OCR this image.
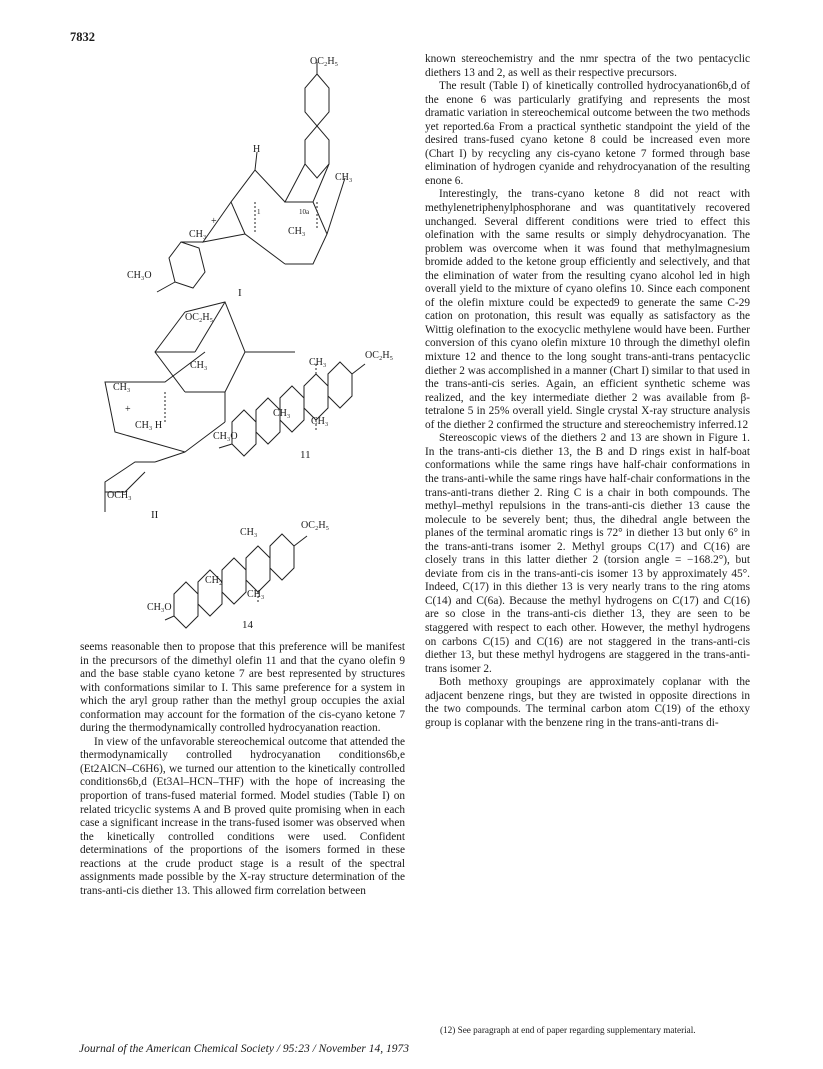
7832
OC₂H₅
H
CH₃
CH₃	CH₃
CH₃O
+
1	10a
I
OC₂H₅
CH₃
CH₃
CH₃ H
OCH₃
+
II
CH₃
OC₂H₅
CH₃
CH₃
CH₃O
11
CH₃
OC₂H₅
CH₂
CH₃
CH₃O
14

seems reasonable then to propose that this preference will be manifest in the precursors of the dimethyl olefin 11 and that the cyano olefin 9 and the base stable cyano ketone 7 are best represented by structures with conformations similar to I. This same preference for a system in which the aryl group rather than the methyl group occupies the axial conformation may account for the formation of the cis-cyano ketone 7 during the thermodynamically controlled hydrocyanation reaction.

In view of the unfavorable stereochemical outcome that attended the thermodynamically controlled hydrocyanation conditions6b,e (Et2AlCN–C6H6), we turned our attention to the kinetically controlled conditions6b,d (Et3Al–HCN–THF) with the hope of increasing the proportion of trans-fused material formed. Model studies (Table I) on related tricyclic systems A and B proved quite promising when in each case a significant increase in the trans-fused isomer was observed when the kinetically controlled conditions were used. Confident determinations of the proportions of the isomers formed in these reactions at the crude product stage is a result of the spectral assignments made possible by the X-ray structure determination of the trans-anti-cis diether 13. This allowed firm correlation between

known stereochemistry and the nmr spectra of the two pentacyclic diethers 13 and 2, as well as their respective precursors.

The result (Table I) of kinetically controlled hydrocyanation6b,d of the enone 6 was particularly gratifying and represents the most dramatic variation in stereochemical outcome between the two methods yet reported.6a From a practical synthetic standpoint the yield of the desired trans-fused cyano ketone 8 could be increased even more (Chart I) by recycling any cis-cyano ketone 7 formed through base elimination of hydrogen cyanide and rehydrocyanation of the resulting enone 6.

Interestingly, the trans-cyano ketone 8 did not react with methylenetriphenylphosphorane and was quantitatively recovered unchanged. Several different conditions were tried to effect this olefination with the same results or simply dehydrocyanation. The problem was overcome when it was found that methylmagnesium bromide added to the ketone group efficiently and selectively, and that the elimination of water from the resulting cyano alcohol led in high overall yield to the mixture of cyano olefins 10. Since each component of the olefin mixture could be expected9 to generate the same C-29 cation on protonation, this result was equally as satisfactory as the Wittig olefination to the exocyclic methylene would have been. Further conversion of this cyano olefin mixture 10 through the dimethyl olefin mixture 12 and thence to the long sought trans-anti-trans pentacyclic diether 2 was accomplished in a manner (Chart I) similar to that used in the trans-anti-cis series. Again, an efficient synthetic scheme was realized, and the key intermediate diether 2 was available from β-tetralone 5 in 25% overall yield. Single crystal X-ray structure analysis of the diether 2 confirmed the structure and stereochemistry inferred.12

Stereoscopic views of the diethers 2 and 13 are shown in Figure 1. In the trans-anti-cis diether 13, the B and D rings exist in half-boat conformations while the same rings have half-chair conformations in the trans-anti-while the same rings have half-chair conformations in the trans-anti-trans diether 2. Ring C is a chair in both compounds. The methyl–methyl repulsions in the trans-anti-cis diether 13 cause the molecule to be severely bent; thus, the dihedral angle between the planes of the terminal aromatic rings is 72° in diether 13 but only 6° in the trans-anti-trans isomer 2. Methyl groups C(17) and C(16) are closely trans in this latter diether 2 (torsion angle = −168.2°), but deviate from cis in the trans-anti-cis isomer 13 by approximately 45°. Indeed, C(17) in this diether 13 is very nearly trans to the ring atoms C(14) and C(6a). Because the methyl hydrogens on C(17) and C(16) are so close in the trans-anti-cis diether 13, they are seen to be staggered with respect to each other. However, the methyl hydrogens on carbons C(15) and C(16) are not staggered in the trans-anti-cis diether 13, but these methyl hydrogens are staggered in the trans-anti-trans isomer 2.

Both methoxy groupings are approximately coplanar with the adjacent benzene rings, but they are twisted in opposite directions in the two compounds. The terminal carbon atom C(19) of the ethoxy group is coplanar with the benzene ring in the trans-anti-trans di-

(12) See paragraph at end of paper regarding supplementary material.
Journal of the American Chemical Society / 95:23 / November 14, 1973
